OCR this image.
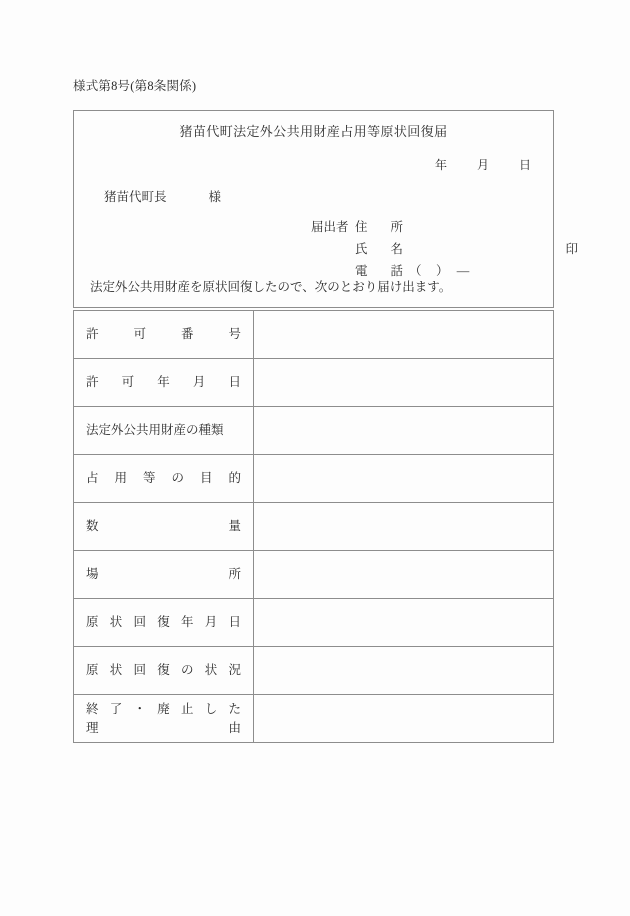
様式第8号(第8条関係)
猪苗代町法定外公共用財産占用等原状回復届
年	月	日
猪苗代町長	様
届出者 住　所
氏　名	印
電　話 （　）　—
法定外公共用財産を原状回復したので、次のとおり届け出ます。
許可番号	

許可年月日	

法定外公共用財産の種類	

占用等の目的	

数量	

場所	

原状回復年月日	

原状回復の状況	

終了・廃止した
理由	
